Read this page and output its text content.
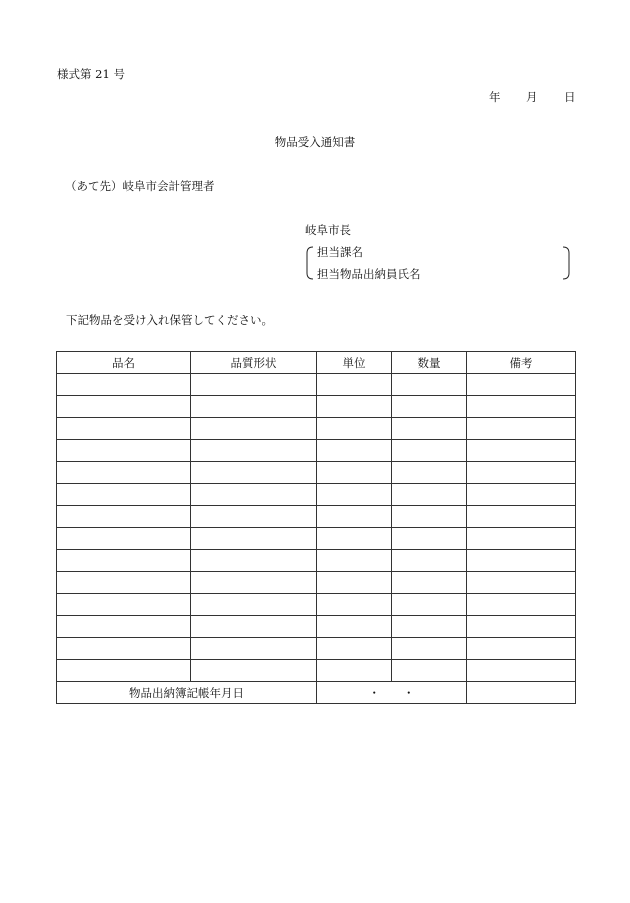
様式第 21 号
年 月 日
物品受入通知書
（あて先）岐阜市会計管理者
岐阜市長
担当課名
担当物品出納員氏名
下記物品を受け入れ保管してください。
品名	品質形状	単位	数量	備考

物品出納簿記帳年月日		・　　・		
